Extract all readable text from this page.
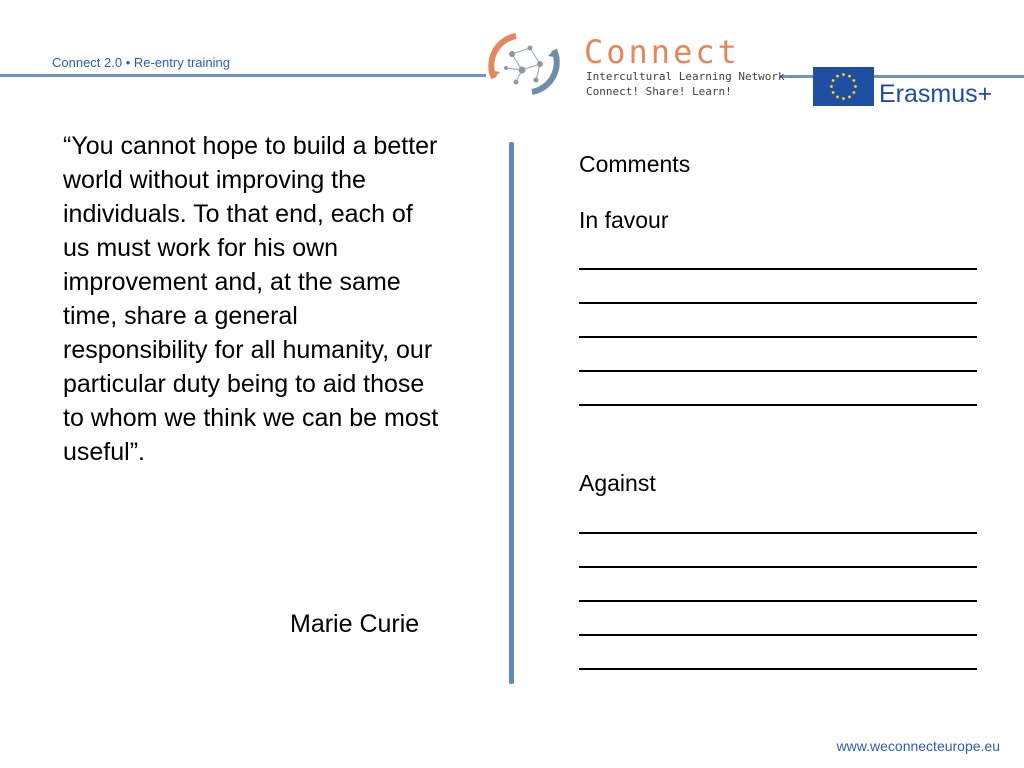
Connect 2.0 • Re-entry training	Connect
Intercultural Learning Network
Connect! Share! Learn!	Erasmus+
“You cannot hope to build a better world without improving the individuals. To that end, each of us must work for his own improvement and, at the same time, share a general responsibility for all humanity, our particular duty being to aid those to whom we think we can be most useful”.
Marie Curie
Comments
In favour
Against
www.weconnecteurope.eu
